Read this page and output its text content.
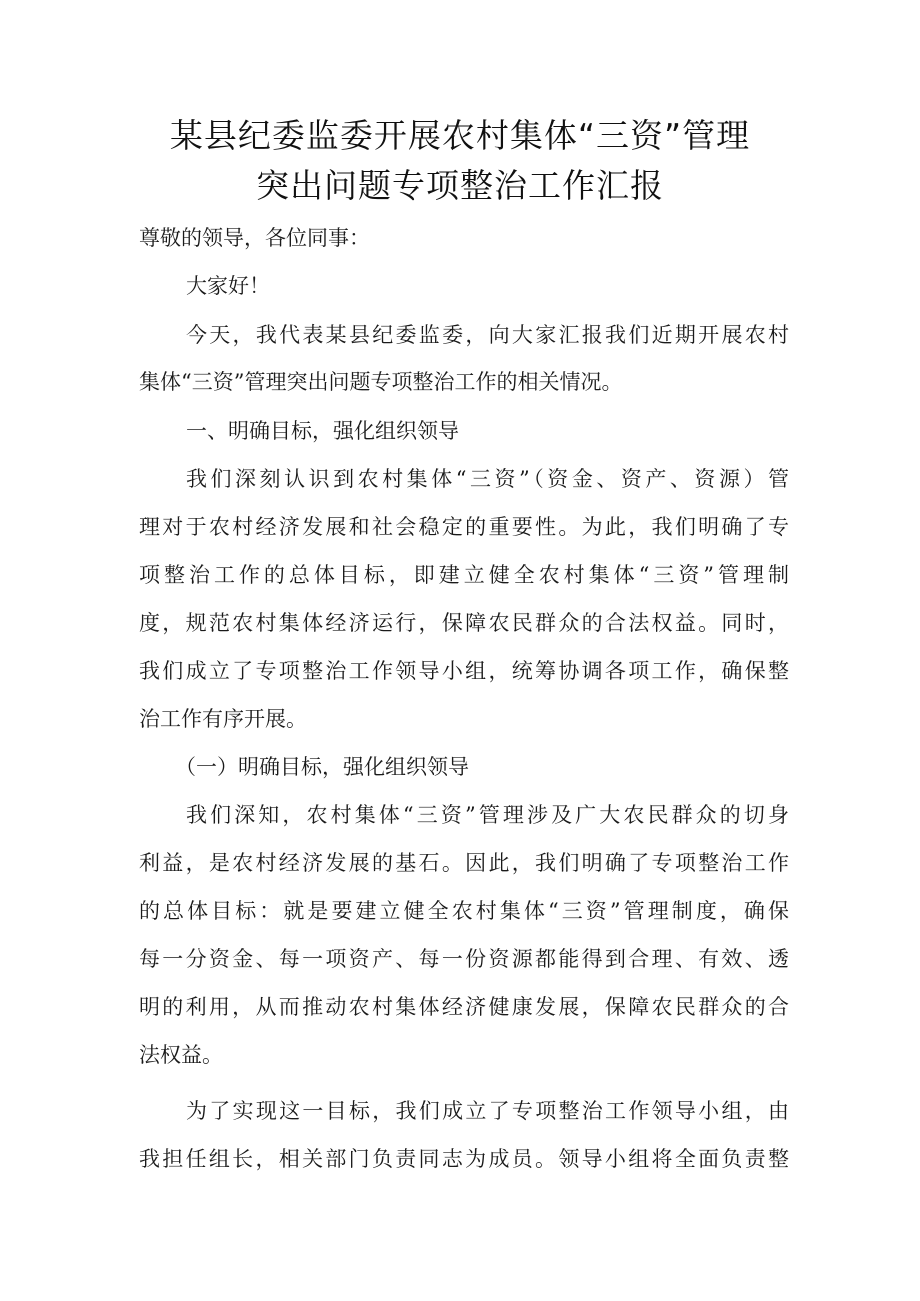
某县纪委监委开展农村集体“三资”管理
突出问题专项整治工作汇报
尊敬的领导，各位同事：
大家好！
今天，我代表某县纪委监委，向大家汇报我们近期开展农村
集体“三资”管理突出问题专项整治工作的相关情况。
一、明确目标，强化组织领导
我们深刻认识到农村集体“三资”（资金、资产、资源）管
理对于农村经济发展和社会稳定的重要性。为此，我们明确了专
项整治工作的总体目标，即建立健全农村集体“三资”管理制
度，规范农村集体经济运行，保障农民群众的合法权益。同时，
我们成立了专项整治工作领导小组，统筹协调各项工作，确保整
治工作有序开展。
（一）明确目标，强化组织领导
我们深知，农村集体“三资”管理涉及广大农民群众的切身
利益，是农村经济发展的基石。因此，我们明确了专项整治工作
的总体目标：就是要建立健全农村集体“三资”管理制度，确保
每一分资金、每一项资产、每一份资源都能得到合理、有效、透
明的利用，从而推动农村集体经济健康发展，保障农民群众的合
法权益。
为了实现这一目标，我们成立了专项整治工作领导小组，由
我担任组长，相关部门负责同志为成员。领导小组将全面负责整
